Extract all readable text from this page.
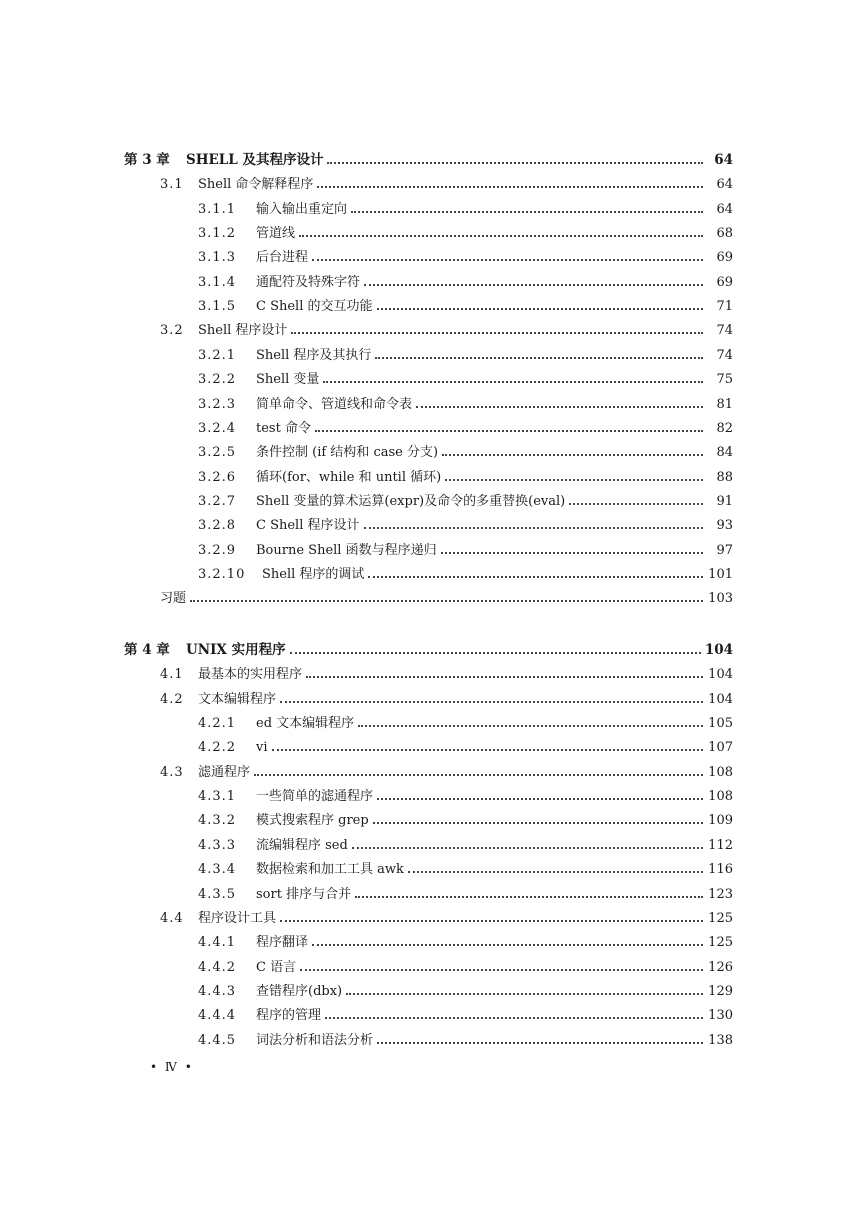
第 3 章	SHELL 及其程序设计	64
3.1	Shell 命令解释程序	64
3.1.1	输入输出重定向	64
3.1.2	管道线	68
3.1.3	后台进程	69
3.1.4	通配符及特殊字符	69
3.1.5	C Shell 的交互功能	71
3.2	Shell 程序设计	74
3.2.1	Shell 程序及其执行	74
3.2.2	Shell 变量	75
3.2.3	简单命令、管道线和命令表	81
3.2.4	test 命令	82
3.2.5	条件控制 (if 结构和 case 分支)	84
3.2.6	循环(for、while 和 until 循环)	88
3.2.7	Shell 变量的算术运算(expr)及命令的多重替换(eval)	91
3.2.8	C Shell 程序设计	93
3.2.9	Bourne Shell 函数与程序递归	97
3.2.10	Shell 程序的调试	101
习题	103
第 4 章	UNIX 实用程序	104
4.1	最基本的实用程序	104
4.2	文本编辑程序	104
4.2.1	ed 文本编辑程序	105
4.2.2	vi	107
4.3	滤通程序	108
4.3.1	一些简单的滤通程序	108
4.3.2	模式搜索程序 grep	109
4.3.3	流编辑程序 sed	112
4.3.4	数据检索和加工工具 awk	116
4.3.5	sort 排序与合并	123
4.4	程序设计工具	125
4.4.1	程序翻译	125
4.4.2	C 语言	126
4.4.3	查错程序(dbx)	129
4.4.4	程序的管理	130
4.4.5	词法分析和语法分析	138
• Ⅳ •
